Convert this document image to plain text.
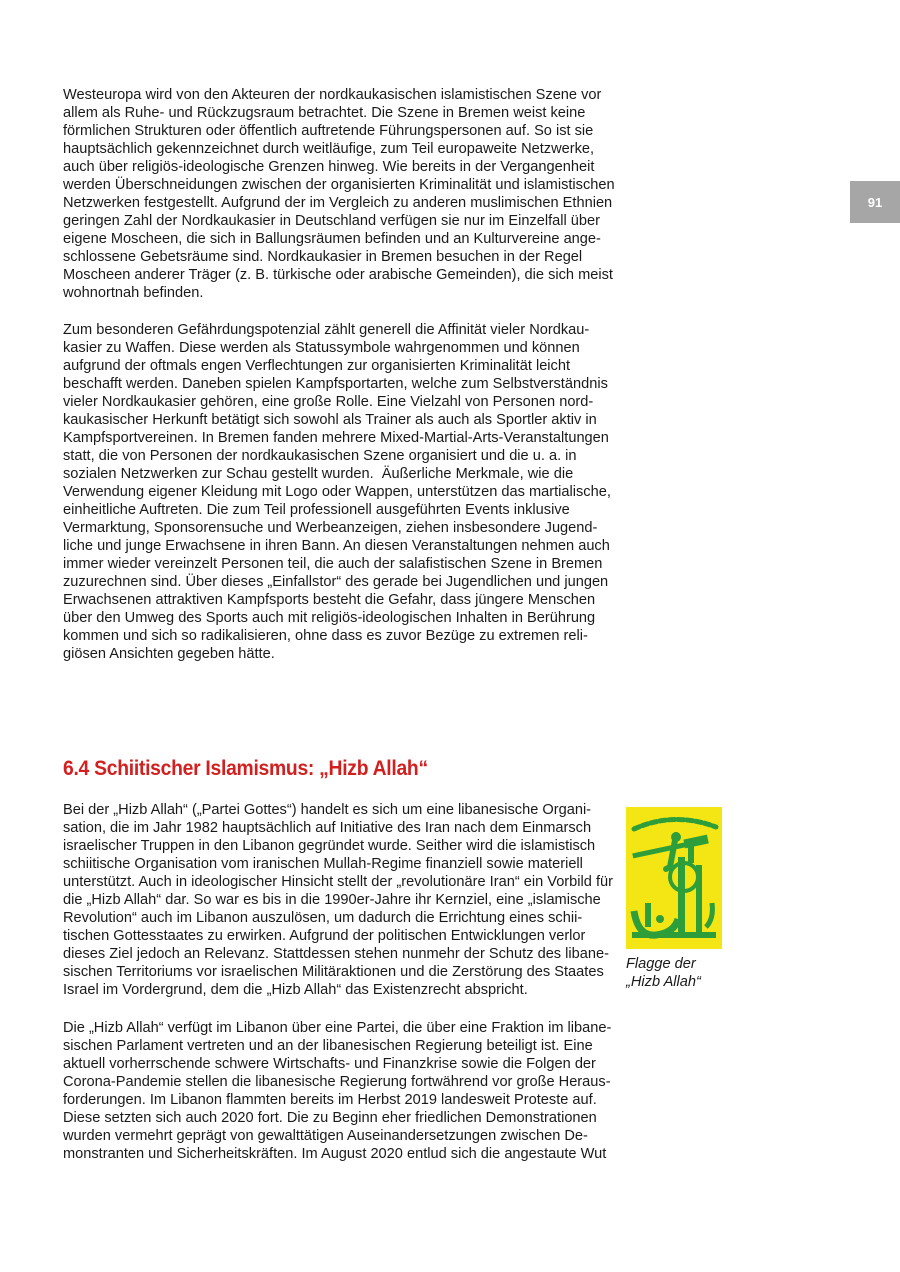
91

Westeuropa wird von den Akteuren der nordkaukasischen islamistischen Szene vor
allem als Ruhe- und Rückzugsraum betrachtet. Die Szene in Bremen weist keine
förmlichen Strukturen oder öffentlich auftretende Führungspersonen auf. So ist sie
hauptsächlich gekennzeichnet durch weitläufige, zum Teil europaweite Netzwerke,
auch über religiös-ideologische Grenzen hinweg. Wie bereits in der Vergangenheit
werden Überschneidungen zwischen der organisierten Kriminalität und islamistischen
Netzwerken festgestellt. Aufgrund der im Vergleich zu anderen muslimischen Ethnien
geringen Zahl der Nordkaukasier in Deutschland verfügen sie nur im Einzelfall über
eigene Moscheen, die sich in Ballungsräumen befinden und an Kulturvereine ange-
schlossene Gebetsräume sind. Nordkaukasier in Bremen besuchen in der Regel
Moscheen anderer Träger (z. B. türkische oder arabische Gemeinden), die sich meist
wohnortnah befinden.

Zum besonderen Gefährdungspotenzial zählt generell die Affinität vieler Nordkau-
kasier zu Waffen. Diese werden als Statussymbole wahrgenommen und können
aufgrund der oftmals engen Verflechtungen zur organisierten Kriminalität leicht
beschafft werden. Daneben spielen Kampfsportarten, welche zum Selbstverständnis
vieler Nordkaukasier gehören, eine große Rolle. Eine Vielzahl von Personen nord-
kaukasischer Herkunft betätigt sich sowohl als Trainer als auch als Sportler aktiv in
Kampfsportvereinen. In Bremen fanden mehrere Mixed-Martial-Arts-Veranstaltungen
statt, die von Personen der nordkaukasischen Szene organisiert und die u. a. in
sozialen Netzwerken zur Schau gestellt wurden.  Äußerliche Merkmale, wie die
Verwendung eigener Kleidung mit Logo oder Wappen, unterstützen das martialische,
einheitliche Auftreten. Die zum Teil professionell ausgeführten Events inklusive
Vermarktung, Sponsorensuche und Werbeanzeigen, ziehen insbesondere Jugend-
liche und junge Erwachsene in ihren Bann. An diesen Veranstaltungen nehmen auch
immer wieder vereinzelt Personen teil, die auch der salafistischen Szene in Bremen
zuzurechnen sind. Über dieses „Einfallstor“ des gerade bei Jugendlichen und jungen
Erwachsenen attraktiven Kampfsports besteht die Gefahr, dass jüngere Menschen
über den Umweg des Sports auch mit religiös-ideologischen Inhalten in Berührung
kommen und sich so radikalisieren, ohne dass es zuvor Bezüge zu extremen reli-
giösen Ansichten gegeben hätte.

6.4 Schiitischer Islamismus: „Hizb Allah“

Bei der „Hizb Allah“ („Partei Gottes“) handelt es sich um eine libanesische Organi-
sation, die im Jahr 1982 hauptsächlich auf Initiative des Iran nach dem Einmarsch
israelischer Truppen in den Libanon gegründet wurde. Seither wird die islamistisch
schiitische Organisation vom iranischen Mullah-Regime finanziell sowie materiell
unterstützt. Auch in ideologischer Hinsicht stellt der „revolutionäre Iran“ ein Vorbild für
die „Hizb Allah“ dar. So war es bis in die 1990er-Jahre ihr Kernziel, eine „islamische
Revolution“ auch im Libanon auszulösen, um dadurch die Errichtung eines schii-
tischen Gottesstaates zu erwirken. Aufgrund der politischen Entwicklungen verlor
dieses Ziel jedoch an Relevanz. Stattdessen stehen nunmehr der Schutz des libane-
sischen Territoriums vor israelischen Militäraktionen und die Zerstörung des Staates
Israel im Vordergrund, dem die „Hizb Allah“ das Existenzrecht abspricht.

Die „Hizb Allah“ verfügt im Libanon über eine Partei, die über eine Fraktion im libane-
sischen Parlament vertreten und an der libanesischen Regierung beteiligt ist. Eine
aktuell vorherrschende schwere Wirtschafts- und Finanzkrise sowie die Folgen der
Corona-Pandemie stellen die libanesische Regierung fortwährend vor große Heraus-
forderungen. Im Libanon flammten bereits im Herbst 2019 landesweit Proteste auf.
Diese setzten sich auch 2020 fort. Die zu Beginn eher friedlichen Demonstrationen
wurden vermehrt geprägt von gewalttätigen Auseinandersetzungen zwischen De-
monstranten und Sicherheitskräften. Im August 2020 entlud sich die angestaute Wut

Flagge der
„Hizb Allah“
